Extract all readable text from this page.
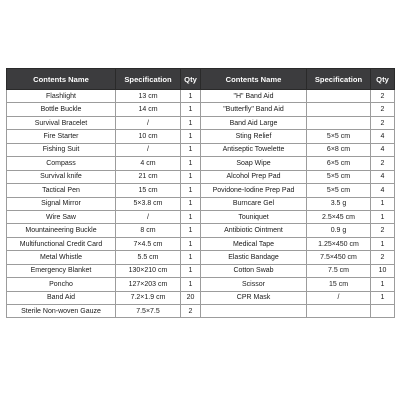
Contents Name	Specification	Qty	Contents Name	Specification	Qty
Flashlight	13 cm	1	"H" Band Aid		2
Bottle Buckle	14 cm	1	"Butterfly" Band Aid		2
Survival Bracelet	/	1	Band Aid Large		2
Fire Starter	10 cm	1	Sting Relief	5×5 cm	4
Fishing Suit	/	1	Antiseptic Towelette	6×8 cm	4
Compass	4 cm	1	Soap Wipe	6×5 cm	2
Survival knife	21 cm	1	Alcohol Prep Pad	5×5 cm	4
Tactical Pen	15 cm	1	Povidone-Iodine Prep Pad	5×5 cm	4
Signal Mirror	5×3.8 cm	1	Burncare Gel	3.5 g	1
Wire Saw	/	1	Touniquet	2.5×45 cm	1
Mountaineering Buckle	8 cm	1	Antibiotic Ointment	0.9 g	2
Multifunctional Credit Card	7×4.5 cm	1	Medical Tape	1.25×450 cm	1
Metal Whistle	5.5 cm	1	Elastic Bandage	7.5×450 cm	2
Emergency Blanket	130×210 cm	1	Cotton Swab	7.5 cm	10
Poncho	127×203 cm	1	Scissor	15 cm	1
Band Aid	7.2×1.9 cm	20	CPR Mask	/	1
Sterile Non-woven Gauze	7.5×7.5	2			
